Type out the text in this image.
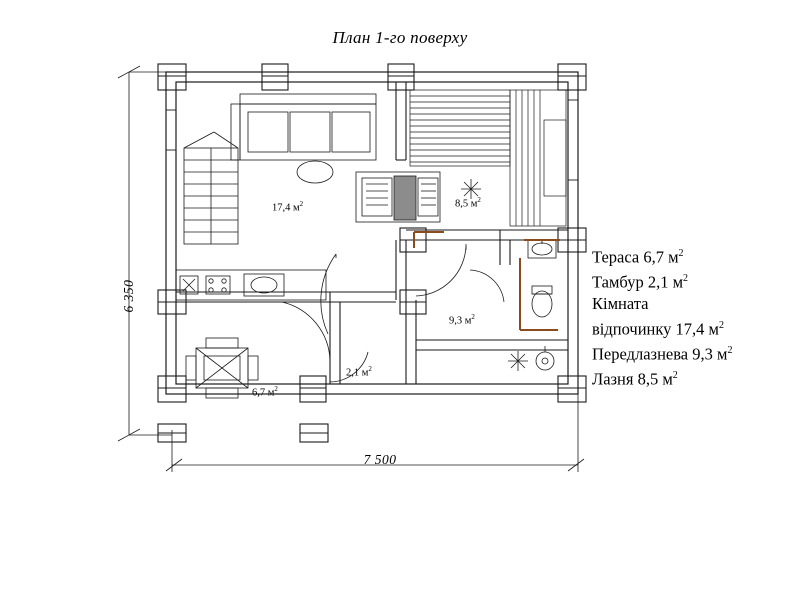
План 1-го поверху
6 350
7 500
Тераса 6,7 $м^2$
Тамбур 2,1 $м^2$
Кімната
відпочинку 17,4 $м^2$
Передлазнева 9,3 $м^2$
Лазня 8,5 $м^2$
17,4 $м^2$	8,5 $м^2$
9,3 $м^2$
2,1 $м^2$
6,7 $м^2$
